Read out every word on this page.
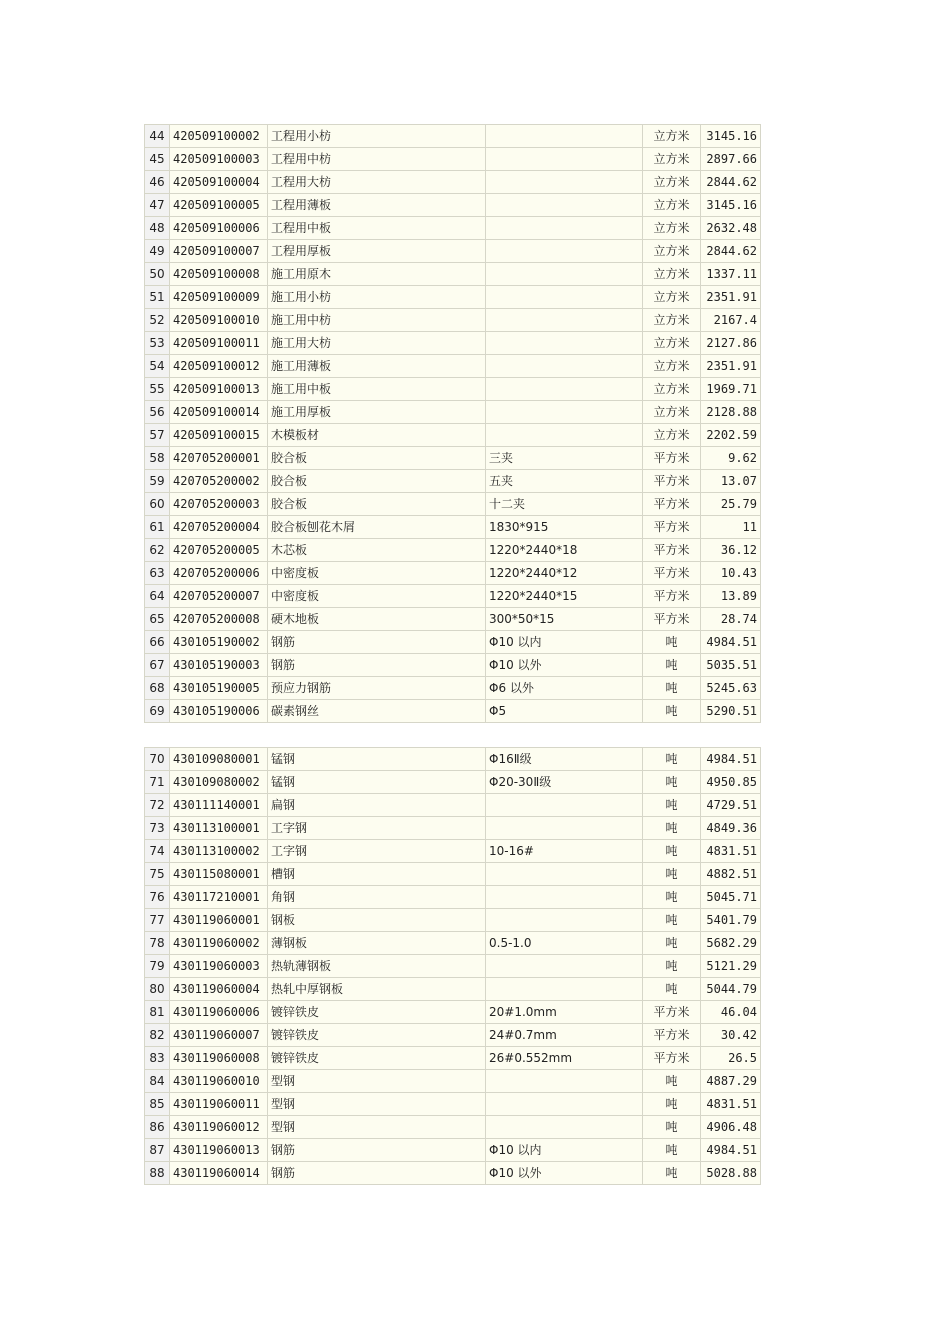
44	420509100002	工程用小枋		立方米	3145.16
45	420509100003	工程用中枋		立方米	2897.66
46	420509100004	工程用大枋		立方米	2844.62
47	420509100005	工程用薄板		立方米	3145.16
48	420509100006	工程用中板		立方米	2632.48
49	420509100007	工程用厚板		立方米	2844.62
50	420509100008	施工用原木		立方米	1337.11
51	420509100009	施工用小枋		立方米	2351.91
52	420509100010	施工用中枋		立方米	2167.4
53	420509100011	施工用大枋		立方米	2127.86
54	420509100012	施工用薄板		立方米	2351.91
55	420509100013	施工用中板		立方米	1969.71
56	420509100014	施工用厚板		立方米	2128.88
57	420509100015	木模板材		立方米	2202.59
58	420705200001	胶合板	三夹	平方米	9.62
59	420705200002	胶合板	五夹	平方米	13.07
60	420705200003	胶合板	十二夹	平方米	25.79
61	420705200004	胶合板刨花木屑	1830*915	平方米	11
62	420705200005	木芯板	1220*2440*18	平方米	36.12
63	420705200006	中密度板	1220*2440*12	平方米	10.43
64	420705200007	中密度板	1220*2440*15	平方米	13.89
65	420705200008	硬木地板	300*50*15	平方米	28.74
66	430105190002	钢筋	Φ10 以内	吨	4984.51
67	430105190003	钢筋	Φ10 以外	吨	5035.51
68	430105190005	预应力钢筋	Φ6 以外	吨	5245.63
69	430105190006	碳素钢丝	Φ5	吨	5290.51
70	430109080001	锰钢	Φ16Ⅱ级	吨	4984.51
71	430109080002	锰钢	Φ20-30Ⅱ级	吨	4950.85
72	430111140001	扁钢		吨	4729.51
73	430113100001	工字钢		吨	4849.36
74	430113100002	工字钢	10-16#	吨	4831.51
75	430115080001	槽钢		吨	4882.51
76	430117210001	角钢		吨	5045.71
77	430119060001	钢板		吨	5401.79
78	430119060002	薄钢板	0.5-1.0	吨	5682.29
79	430119060003	热轨薄钢板		吨	5121.29
80	430119060004	热轧中厚钢板		吨	5044.79
81	430119060006	镀锌铁皮	20#1.0mm	平方米	46.04
82	430119060007	镀锌铁皮	24#0.7mm	平方米	30.42
83	430119060008	镀锌铁皮	26#0.552mm	平方米	26.5
84	430119060010	型钢		吨	4887.29
85	430119060011	型钢		吨	4831.51
86	430119060012	型钢		吨	4906.48
87	430119060013	钢筋	Φ10 以内	吨	4984.51
88	430119060014	钢筋	Φ10 以外	吨	5028.88
